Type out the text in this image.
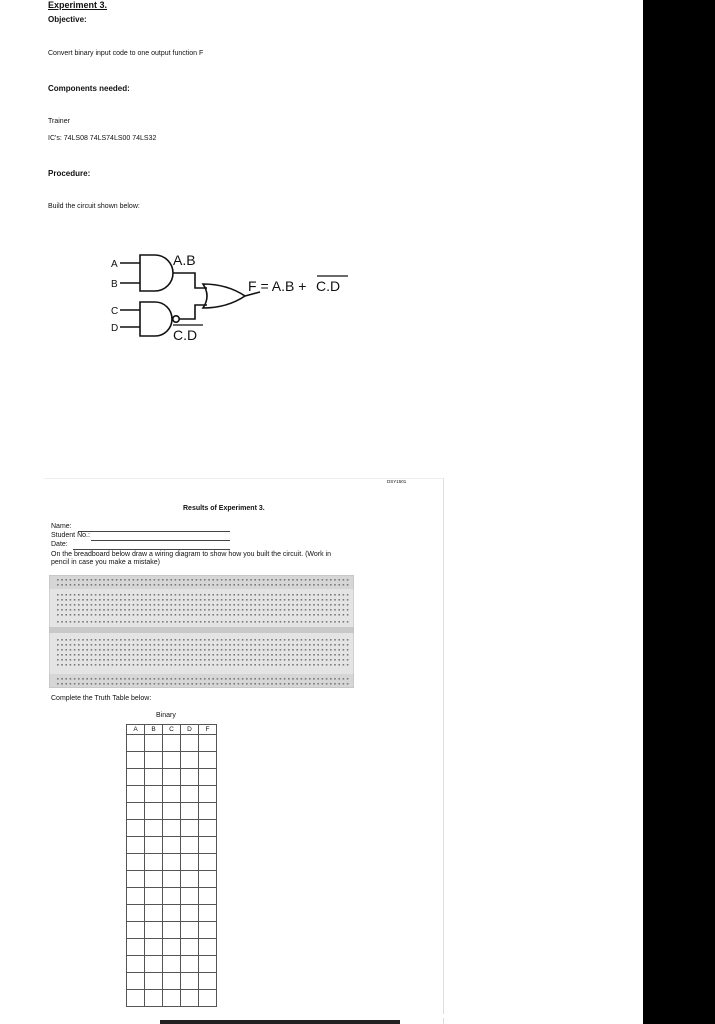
Experiment 3.
Objective:
Convert binary input code to one output function F
Components needed:
Trainer
IC's: 74LS08 74LS74LS00 74LS32
Procedure:
Build the circuit shown below:
A
B
C
D
A.B
C.D
F = A.B + C.D
DSY1501
Results of Experiment 3.
Name:
Student No.:
Date:
On the breadboard below draw a wiring diagram to show how you built the circuit. (Work in
pencil in case you make a mistake)
Complete the Truth Table below:
Binary
A	B	C	D	F
